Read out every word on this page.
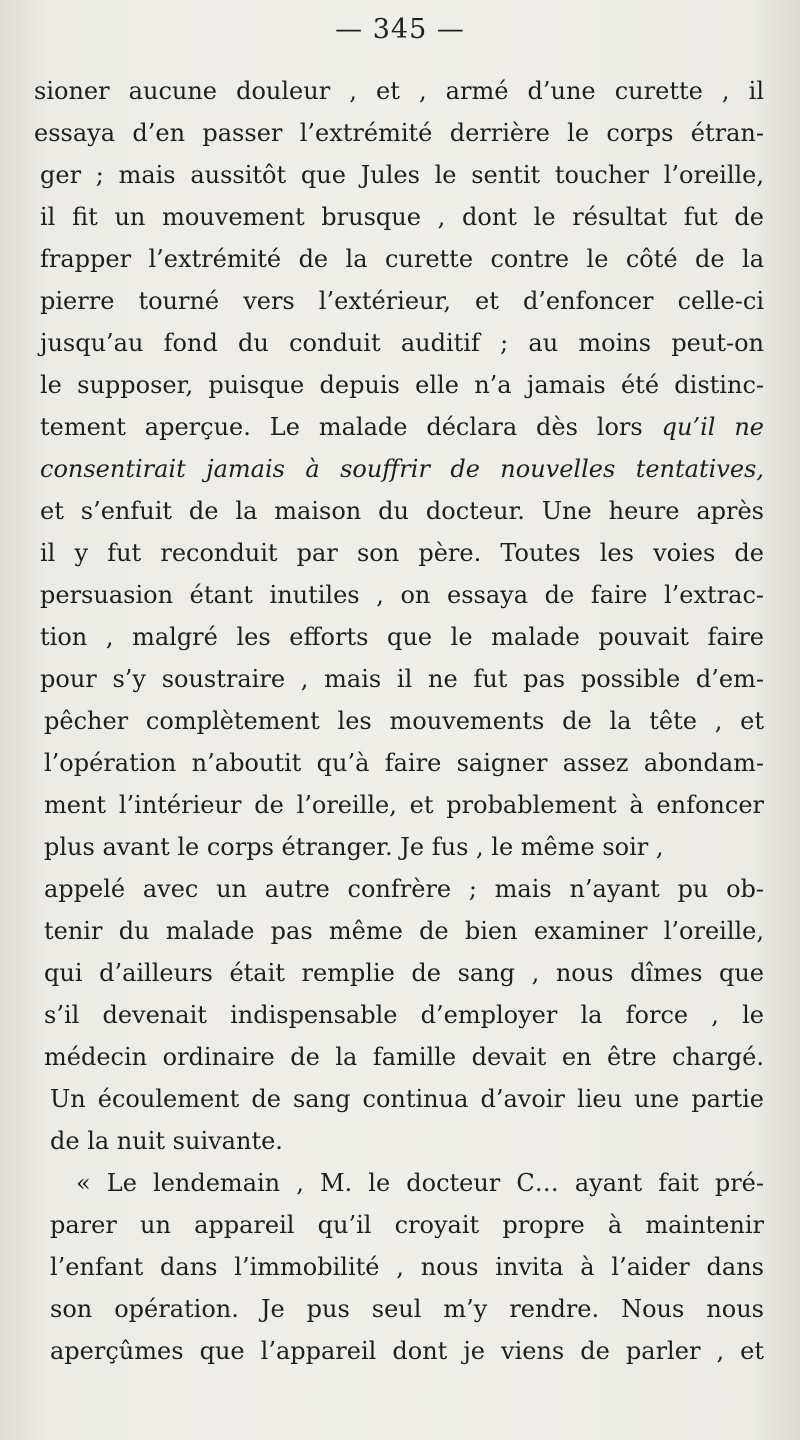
— 345 —
sioner aucune douleur , et , armé d’une curette , il
essaya d’en passer l’extrémité derrière le corps étran-
ger ; mais aussitôt que Jules le sentit toucher l’oreille,
il fit un mouvement brusque , dont le résultat fut de
frapper l’extrémité de la curette contre le côté de la
pierre tourné vers l’extérieur, et d’enfoncer celle-ci
jusqu’au fond du conduit auditif ; au moins peut-on
le supposer, puisque depuis elle n’a jamais été distinc-
tement aperçue. Le malade déclara dès lors qu’il ne
consentirait jamais à souffrir de nouvelles tentatives,
et s’enfuit de la maison du docteur. Une heure après
il y fut reconduit par son père. Toutes les voies de
persuasion étant inutiles , on essaya de faire l’extrac-
tion , malgré les efforts que le malade pouvait faire
pour s’y soustraire , mais il ne fut pas possible d’em-
pêcher complètement les mouvements de la tête , et
l’opération n’aboutit qu’à faire saigner assez abondam-
ment l’intérieur de l’oreille, et probablement à enfoncer
plus avant le corps étranger. Je fus , le même soir ,
appelé avec un autre confrère ; mais n’ayant pu ob-
tenir du malade pas même de bien examiner l’oreille,
qui d’ailleurs était remplie de sang , nous dîmes que
s’il devenait indispensable d’employer la force , le
médecin ordinaire de la famille devait en être chargé.
Un écoulement de sang continua d’avoir lieu une partie
de la nuit suivante.
« Le lendemain , M. le docteur C… ayant fait pré-
parer un appareil qu’il croyait propre à maintenir
l’enfant dans l’immobilité , nous invita à l’aider dans
son opération. Je pus seul m’y rendre. Nous nous
aperçûmes que l’appareil dont je viens de parler , et
